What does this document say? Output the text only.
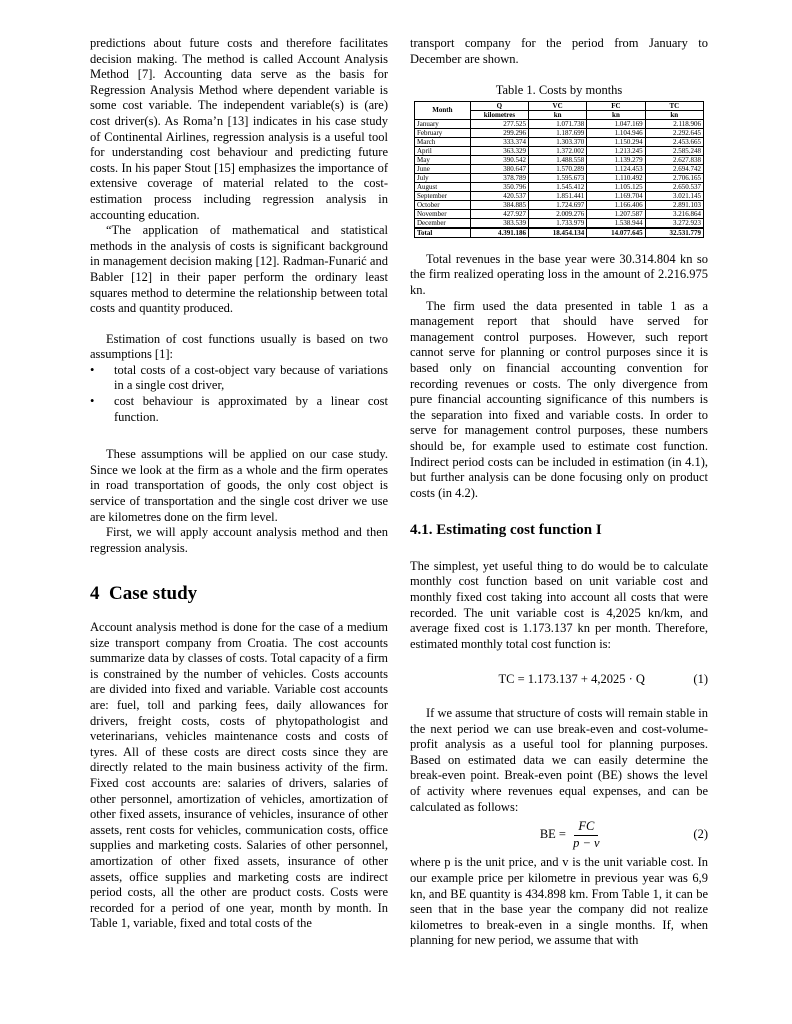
predictions about future costs and therefore facilitates decision making. The method is called Account Analysis Method [7]. Accounting data serve as the basis for Regression Analysis Method where dependent variable is some cost variable. The independent variable(s) is (are) cost driver(s). As Roma’n [13] indicates in his case study of Continental Airlines, regression analysis is a useful tool for understanding cost behaviour and predicting future costs. In his paper Stout [15] emphasizes the importance of extensive coverage of material related to the cost-estimation process including regression analysis in accounting education.

“The application of mathematical and statistical methods in the analysis of costs is significant background in management decision making [12]. Radman-Funarić and Babler [12] in their paper perform the ordinary least squares method to determine the relationship between total costs and quantity produced.

Estimation of cost functions usually is based on two assumptions [1]:

• total costs of a cost-object vary because of variations in a single cost driver,
• cost behaviour is approximated by a linear cost function.

These assumptions will be applied on our case study. Since we look at the firm as a whole and the firm operates in road transportation of goods, the only cost object is service of transportation and the single cost driver we use are kilometres done on the firm level.

First, we will apply account analysis method and then regression analysis.

4 Case study

Account analysis method is done for the case of a medium size transport company from Croatia. The cost accounts summarize data by classes of costs. Total capacity of a firm is constrained by the number of vehicles. Costs accounts are divided into fixed and variable. Variable cost accounts are: fuel, toll and parking fees, daily allowances for drivers, freight costs, costs of phytopathologist and veterinarians, vehicles maintenance costs and costs of tyres. All of these costs are direct costs since they are directly related to the main business activity of the firm. Fixed cost accounts are: salaries of drivers, salaries of other personnel, amortization of vehicles, amortization of other fixed assets, insurance of vehicles, insurance of other assets, rent costs for vehicles, communication costs, office supplies and marketing costs. Salaries of other personnel, amortization of other fixed assets, insurance of other assets, office supplies and marketing costs are indirect period costs, all the other are product costs. Costs were recorded for a period of one year, month by month. In Table 1, variable, fixed and total costs of the

transport company for the period from January to December are shown.

Table 1. Costs by months
Month	Q	VC	FC	TC
	kilometres	kn	kn	kn
January	277.525	1.071.738	1.047.169	2.118.906
February	299.296	1.187.699	1.104.946	2.292.645
March	333.374	1.303.370	1.150.294	2.453.665
April	363.329	1.372.002	1.213.245	2.585.248
May	390.542	1.488.558	1.139.279	2.627.838
June	380.647	1.570.289	1.124.453	2.694.742
July	378.789	1.595.673	1.110.492	2.706.165
August	350.796	1.545.412	1.105.125	2.650.537
September	420.537	1.851.441	1.169.704	3.021.145
October	384.885	1.724.697	1.166.406	2.891.103
November	427.927	2.009.276	1.207.587	3.216.864
December	383.539	1.733.979	1.538.944	3.272.923
Total	4.391.186	18.454.134	14.077.645	32.531.779

Total revenues in the base year were 30.314.804 kn so the firm realized operating loss in the amount of 2.216.975 kn.

The firm used the data presented in table 1 as a management report that should have served for management control purposes. However, such report cannot serve for planning or control purposes since it is based only on financial accounting convention for recording revenues or costs. The only divergence from pure financial accounting significance of this numbers is the separation into fixed and variable costs. In order to serve for management control purposes, these numbers should be, for example used to estimate cost function. Indirect period costs can be included in estimation (in 4.1), but further analysis can be done focusing only on product costs (in 4.2).

4.1. Estimating cost function I

The simplest, yet useful thing to do would be to calculate monthly cost function based on unit variable cost and monthly fixed cost taking into account all costs that were recorded. The unit variable cost is 4,2025 kn/km, and average fixed cost is 1.173.137 kn per month. Therefore, estimated monthly total cost function is:

TC = 1.173.137 + 4,2025 · Q	(1)

If we assume that structure of costs will remain stable in the next period we can use break-even and cost-volume-profit analysis as a useful tool for planning purposes. Based on estimated data we can easily determine the break-even point. Break-even point (BE) shows the level of activity where revenues equal expenses, and can be calculated as follows:

BE = $\frac{FC}{p - v}$	(2)

where p is the unit price, and v is the unit variable cost. In our example price per kilometre in previous year was 6,9 kn, and BE quantity is 434.898 km. From Table 1, it can be seen that in the base year the company did not realize kilometres to break-even in a single months. If, when planning for new period, we assume that with
